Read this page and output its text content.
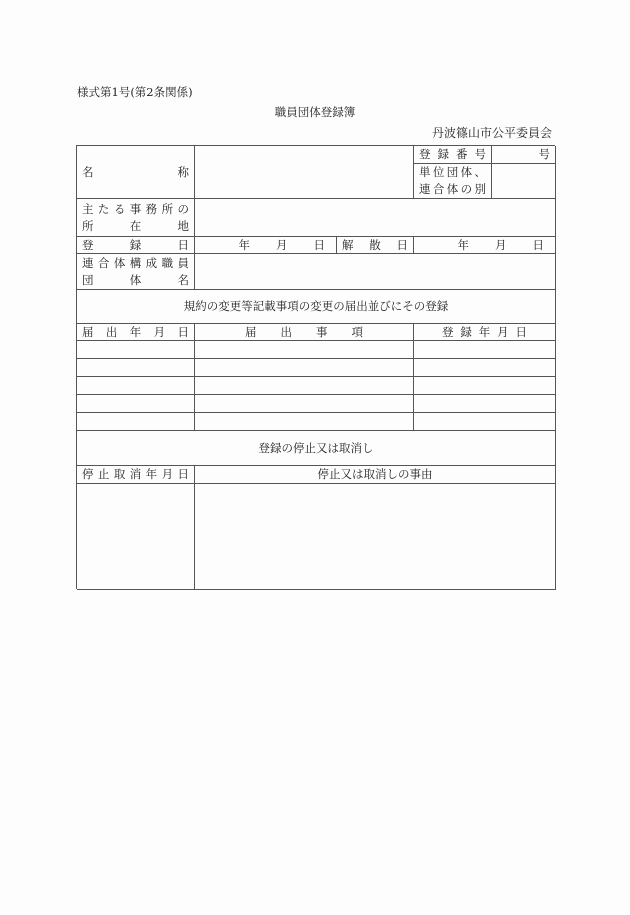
様式第1号(第2条関係)
職員団体登録簿
丹波篠山市公平委員会
名称
登録番号	号
単位団体、
連合体の別
主たる事務所の
所在地
登録日	年 月 日 解散日	年 月 日
連合体構成職員
団体名
規約の変更等記載事項の変更の届出並びにその登録
届出年月日	届出事項	登録年月日
登録の停止又は取消し
停止取消年月日	停止又は取消しの事由
